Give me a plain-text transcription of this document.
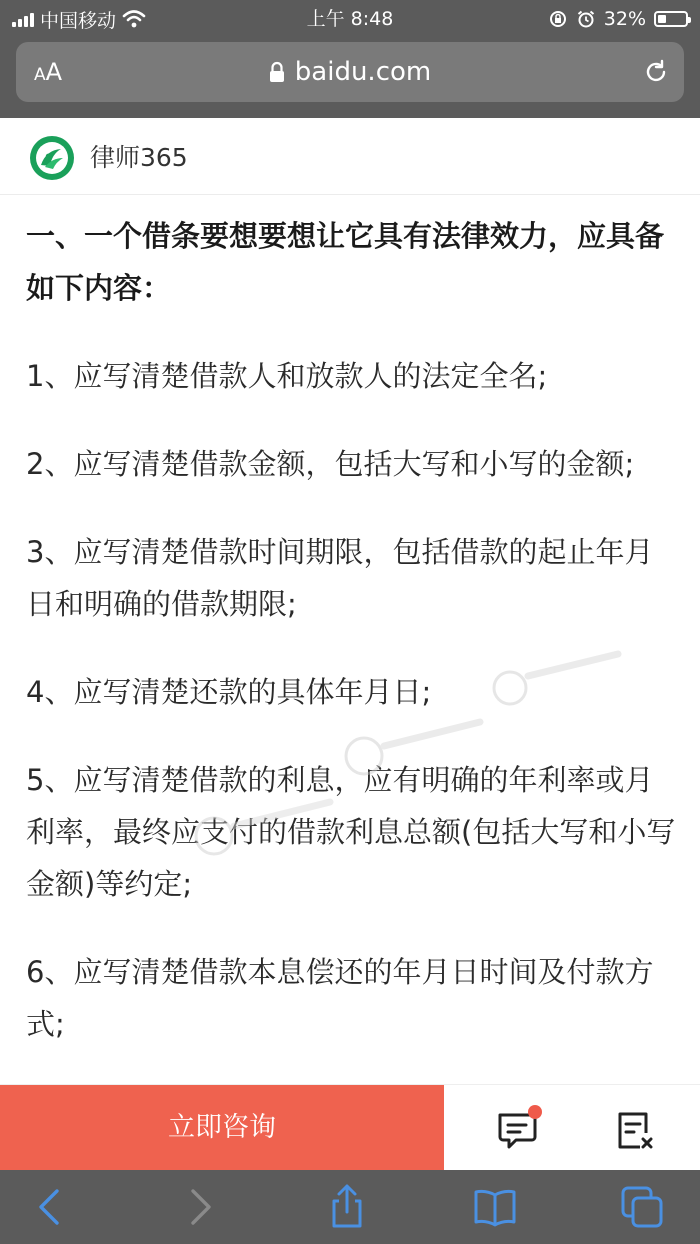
中国移动	上午 8:48	32%
AA	baidu.com
律师365

一、一个借条要想要想让它具有法律效力，应具备如下内容：

1、应写清楚借款人和放款人的法定全名;

2、应写清楚借款金额，包括大写和小写的金额;

3、应写清楚借款时间期限，包括借款的起止年月日和明确的借款期限;

4、应写清楚还款的具体年月日;

5、应写清楚借款的利息，应有明确的年利率或月利率，最终应支付的借款利息总额(包括大写和小写金额)等约定;

6、应写清楚借款本息偿还的年月日时间及付款方式;

立即咨询
